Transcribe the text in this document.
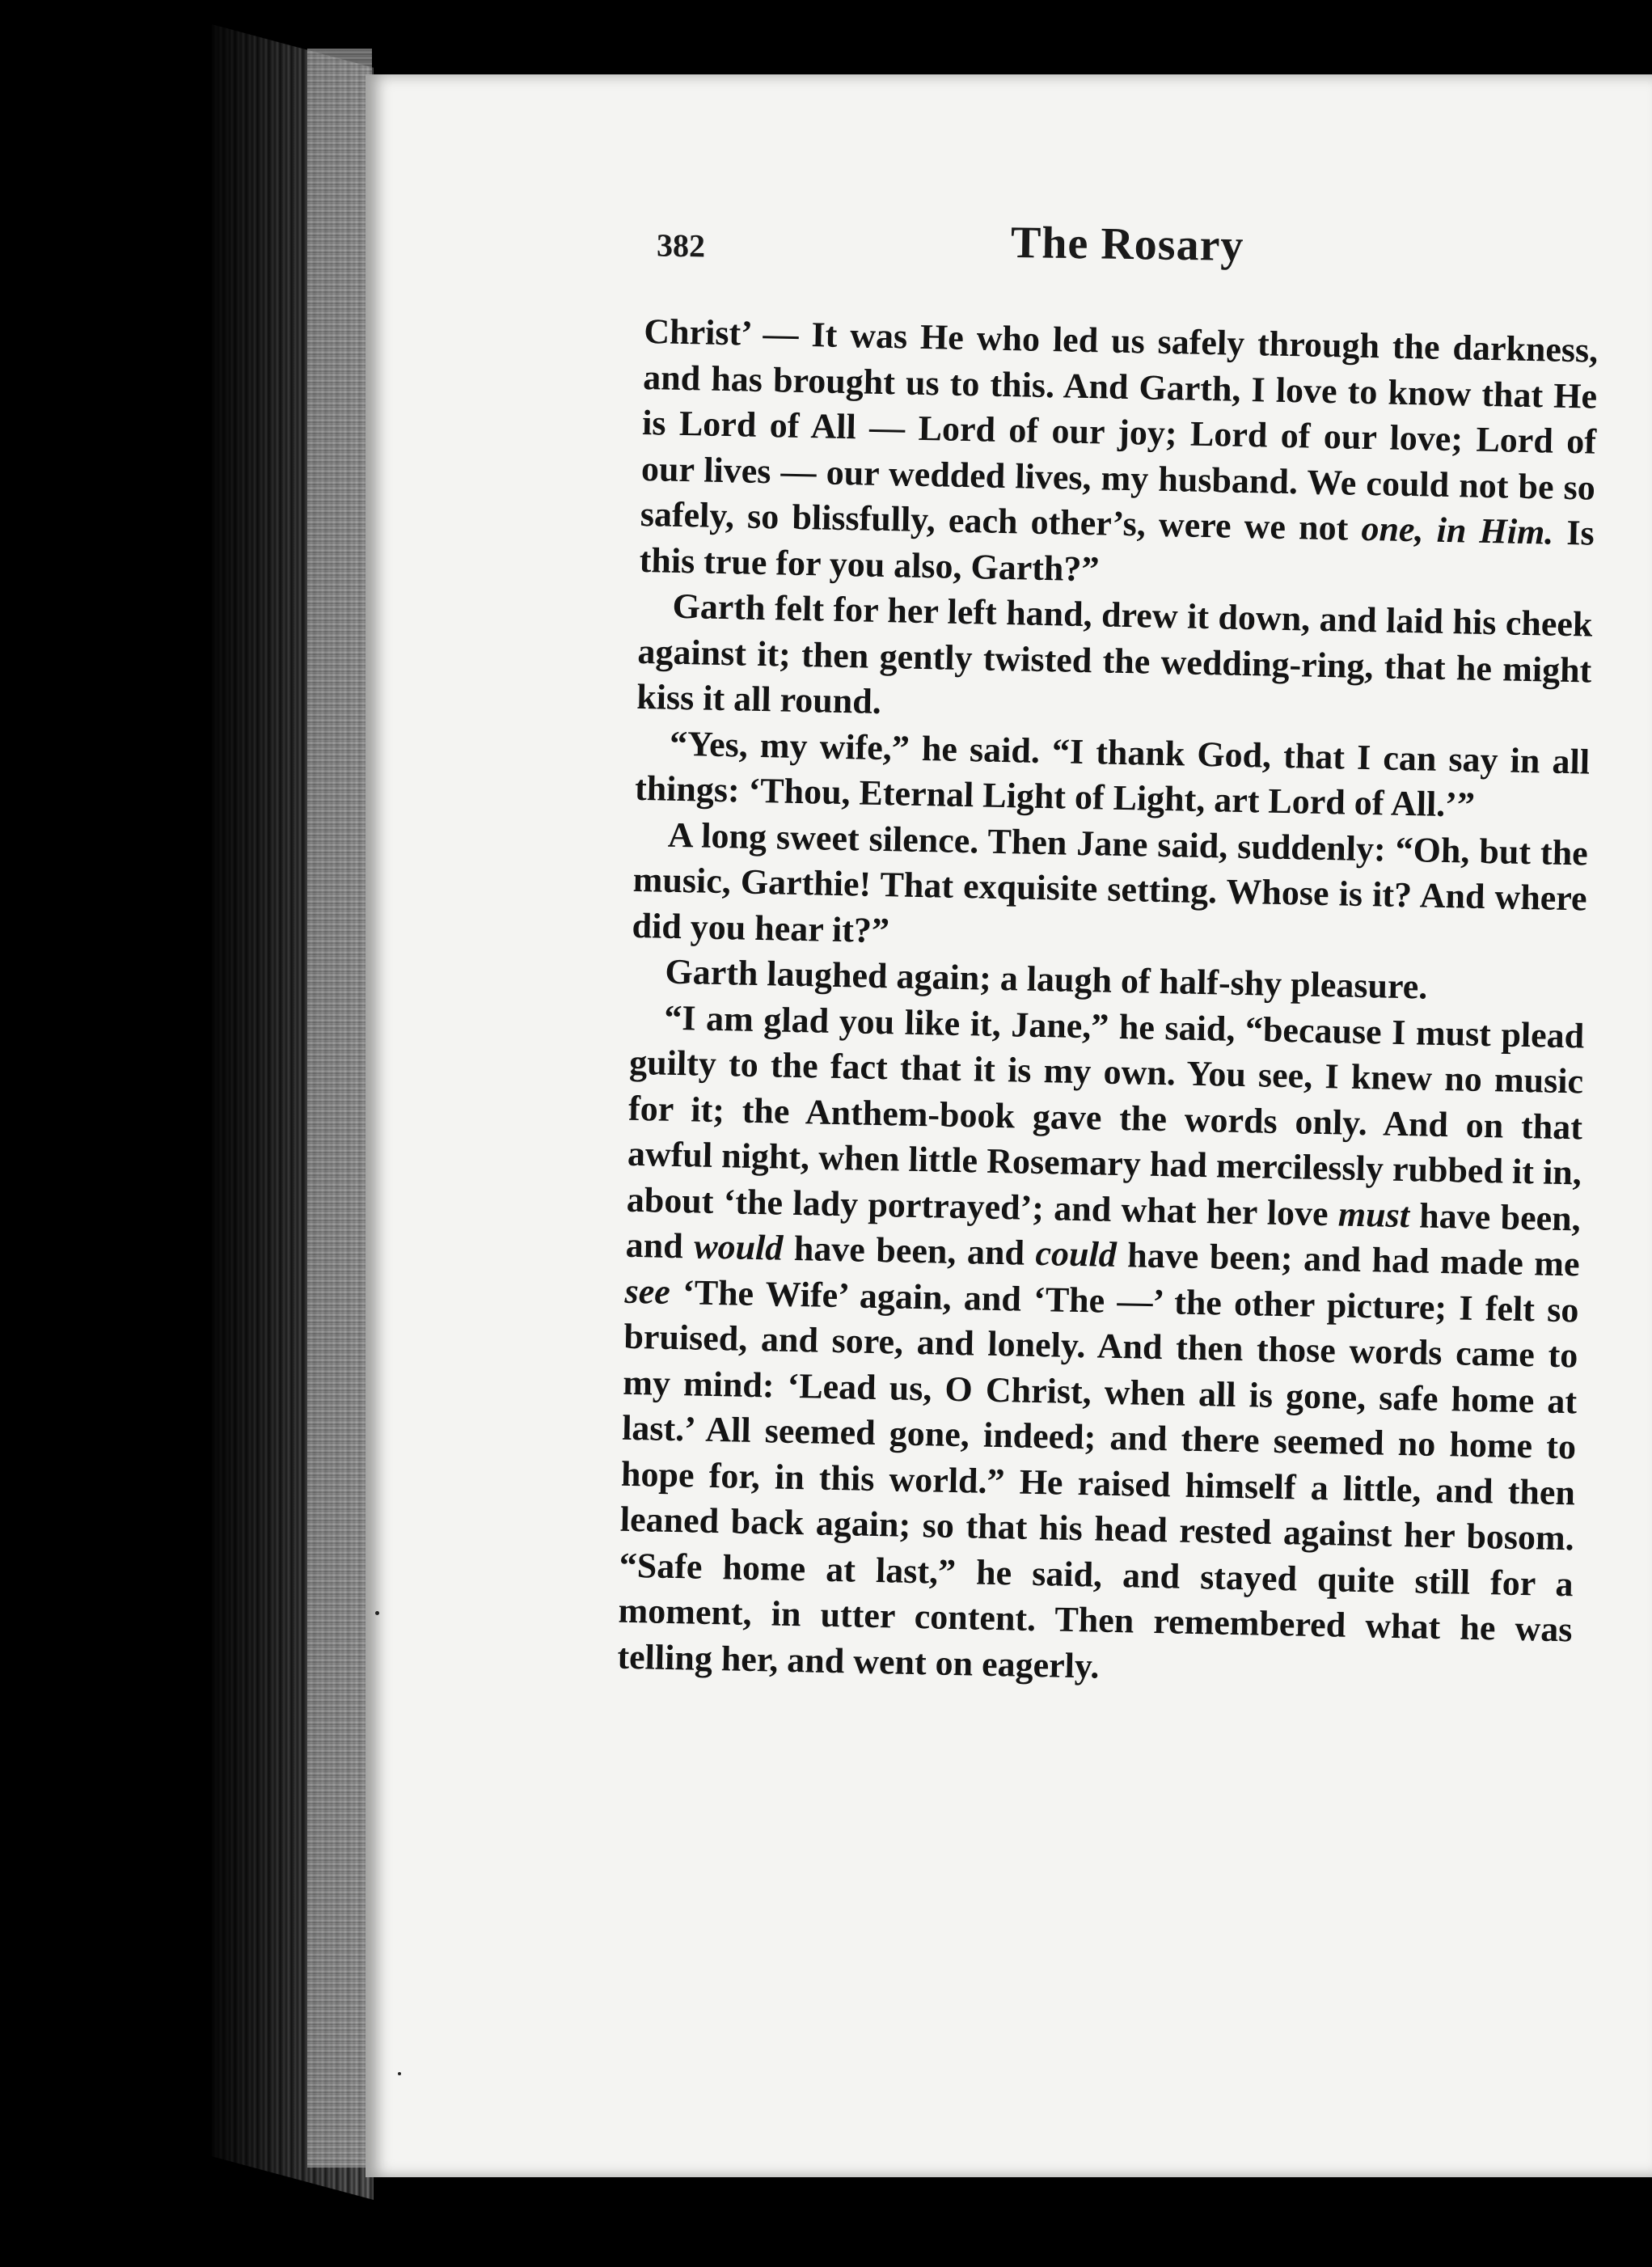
382	The Rosary

Christ’ — It was He who led us safely through the darkness, and has brought us to this. And Garth, I love to know that He is Lord of All — Lord of our joy; Lord of our love; Lord of our lives — our wedded lives, my husband. We could not be so safely, so blissfully, each other’s, were we not one, in Him. Is this true for you also, Garth?”

Garth felt for her left hand, drew it down, and laid his cheek against it; then gently twisted the wedding-ring, that he might kiss it all round.

“Yes, my wife,” he said. “I thank God, that I can say in all things: ‘Thou, Eternal Light of Light, art Lord of All.’”

A long sweet silence. Then Jane said, suddenly: “Oh, but the music, Garthie! That exquisite setting. Whose is it? And where did you hear it?”

Garth laughed again; a laugh of half-shy pleasure.

“I am glad you like it, Jane,” he said, “because I must plead guilty to the fact that it is my own. You see, I knew no music for it; the Anthem-book gave the words only. And on that awful night, when little Rosemary had mercilessly rubbed it in, about ‘the lady portrayed’; and what her love must have been, and would have been, and could have been; and had made me see ‘The Wife’ again, and ‘The —’ the other picture; I felt so bruised, and sore, and lonely. And then those words came to my mind: ‘Lead us, O Christ, when all is gone, safe home at last.’ All seemed gone, indeed; and there seemed no home to hope for, in this world.” He raised himself a little, and then leaned back again; so that his head rested against her bosom. “Safe home at last,” he said, and stayed quite still for a moment, in utter content. Then remembered what he was telling her, and went on eagerly.
